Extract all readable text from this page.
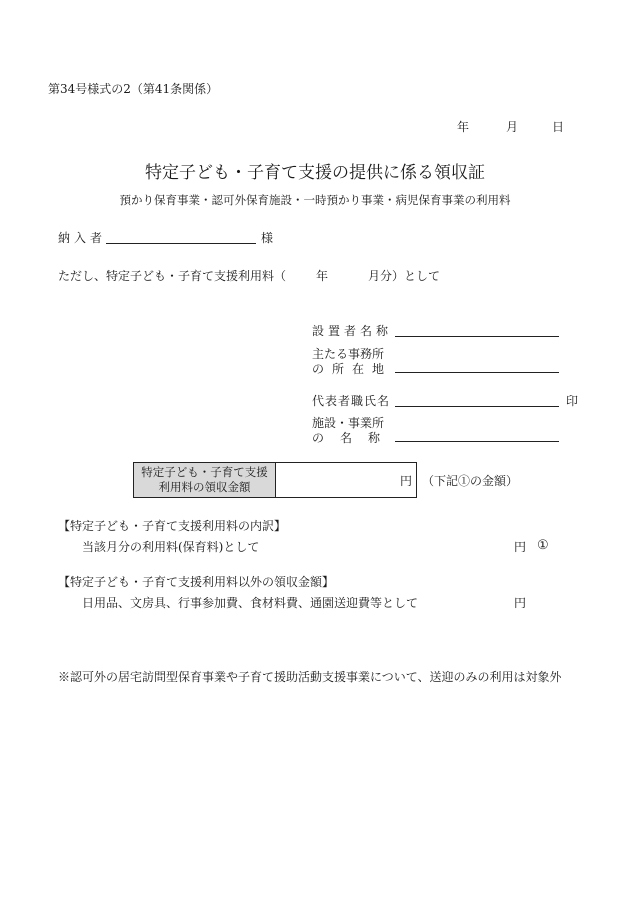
第34号様式の2（第41条関係）
年	月	日
特定子ども・子育て支援の提供に係る領収証
預かり保育事業・認可外保育施設・一時預かり事業・病児保育事業の利用料
納入者	様
ただし、特定子ども・子育て支援利用料（ 年	月分）として
設置者名称
主たる事務所
の所在地
代表者職氏名	印
施設・事業所
の　名　称
特定子ども・子育て支援
利用料の領収金額	円 （下記①の金額）
【特定子ども・子育て支援利用料の内訳】
当該月分の利用料(保育料)として	円 ①
【特定子ども・子育て支援利用料以外の領収金額】
日用品、文房具、行事参加費、食材料費、通園送迎費等として	円
※認可外の居宅訪問型保育事業や子育て援助活動支援事業について、送迎のみの利用は対象外
